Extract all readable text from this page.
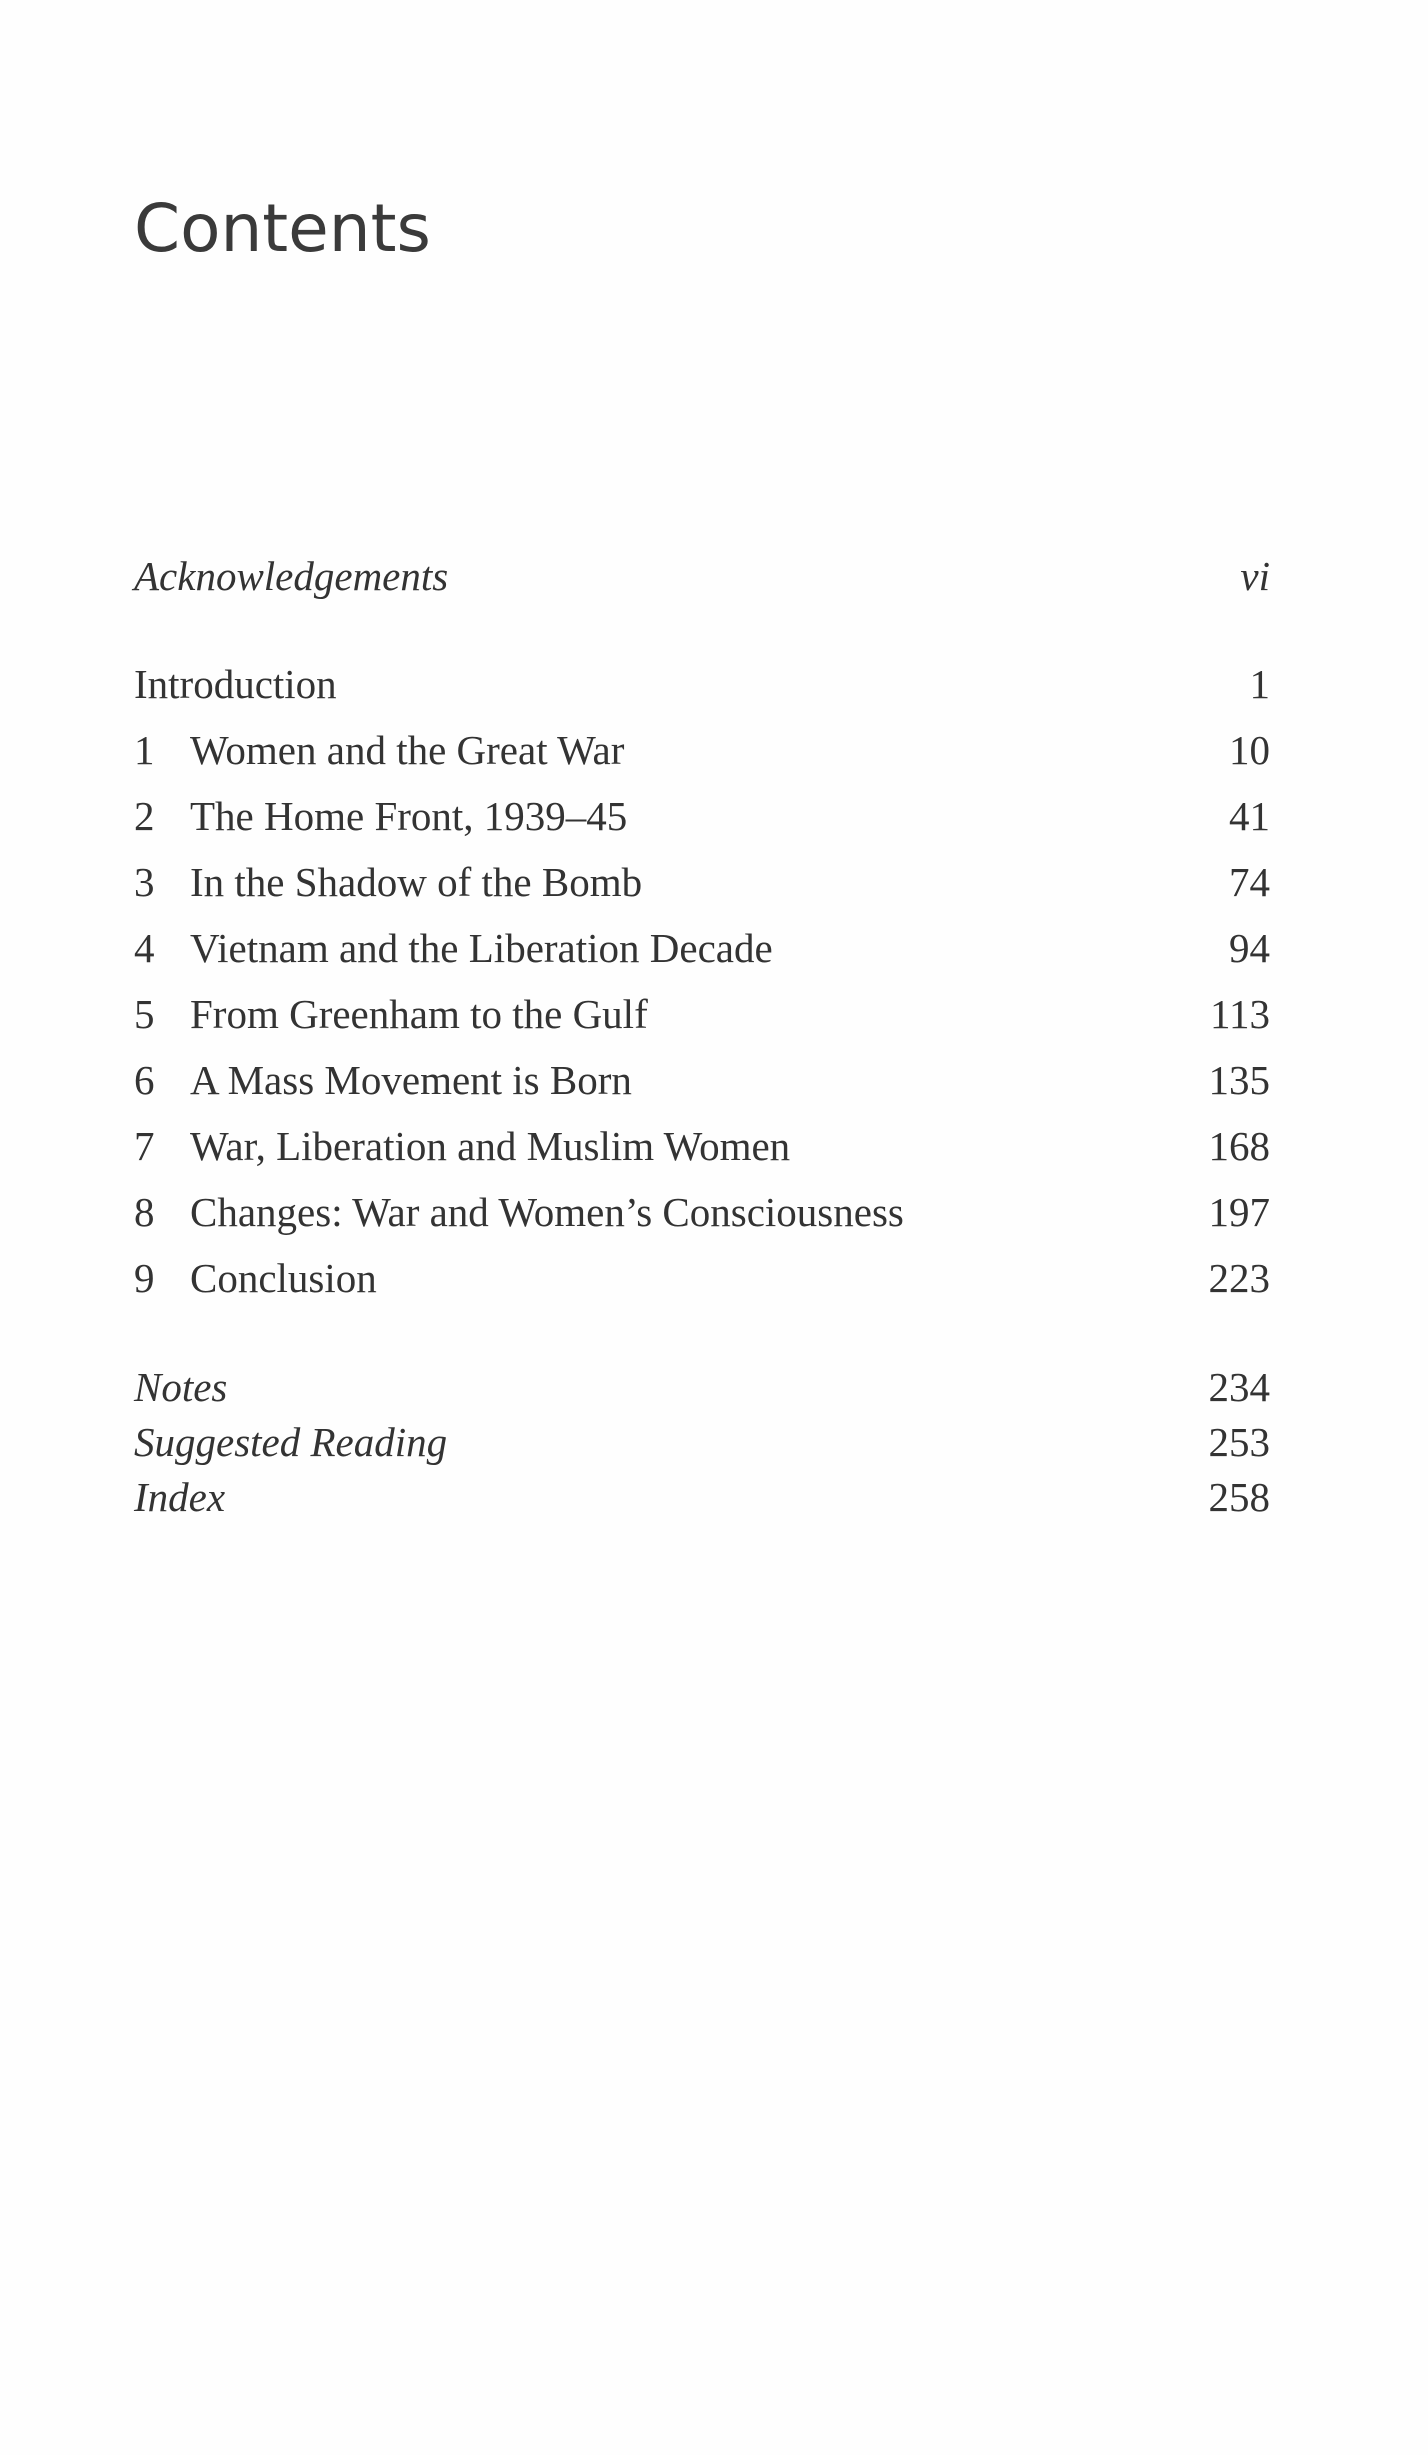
Contents
Acknowledgements	vi
Introduction	1
1 Women and the Great War	10
2 The Home Front, 1939–45	41
3 In the Shadow of the Bomb	74
4 Vietnam and the Liberation Decade	94
5 From Greenham to the Gulf	113
6 A Mass Movement is Born	135
7 War, Liberation and Muslim Women	168
8 Changes: War and Women’s Consciousness	197
9 Conclusion	223
Notes	234
Suggested Reading	253
Index	258
